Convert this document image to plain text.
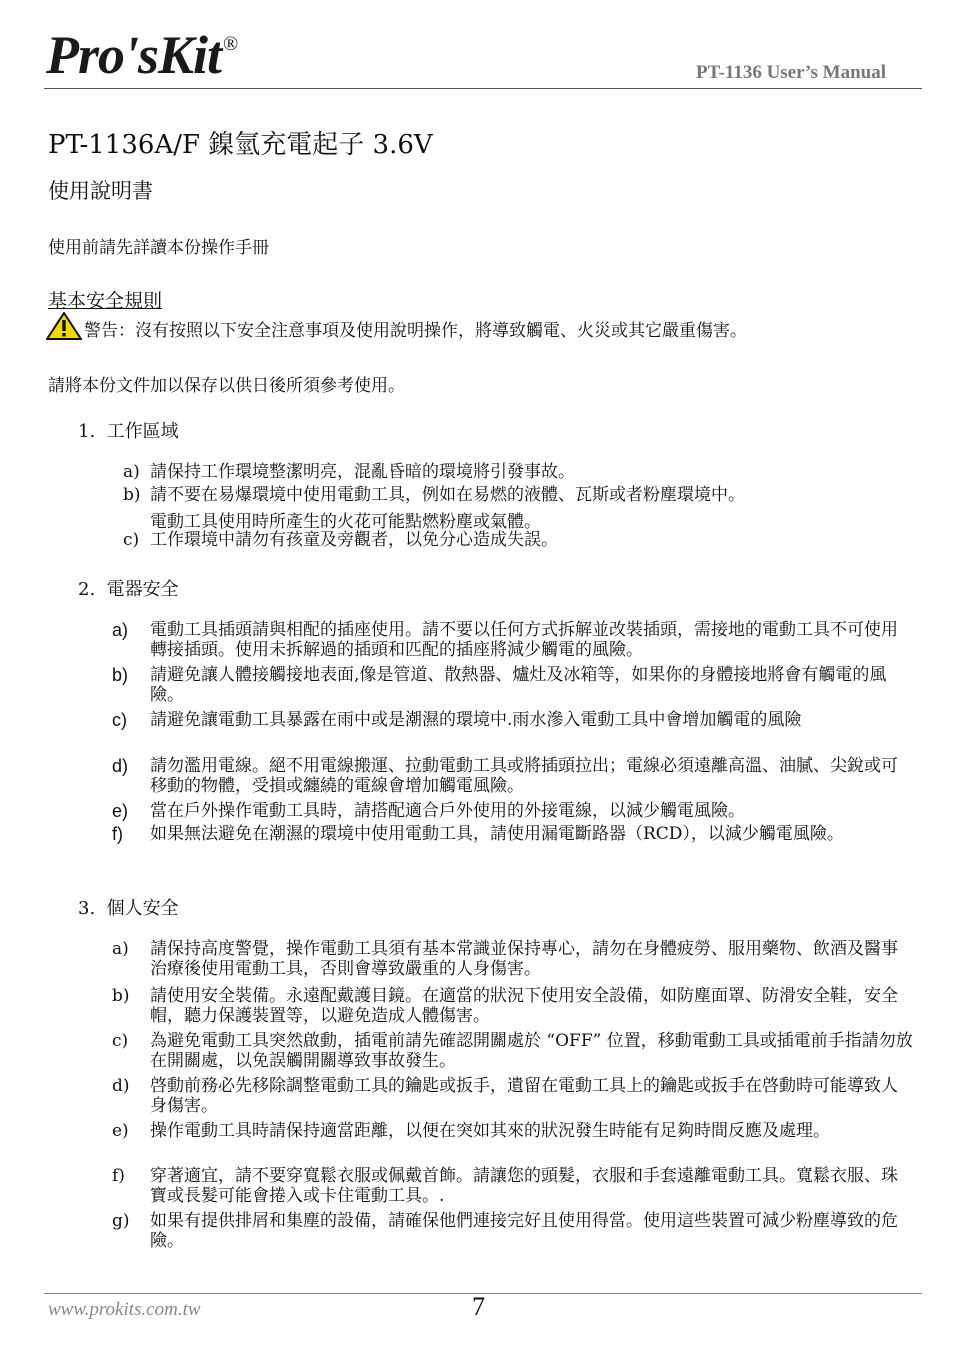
Pro'sKit ®
PT-1136 User’s Manual
PT-1136A/F 鎳氫充電起子 3.6V
使用說明書
使用前請先詳讀本份操作手冊
基本安全規則
警告：沒有按照以下安全注意事項及使用說明操作，將導致觸電、火災或其它嚴重傷害。
請將本份文件加以保存以供日後所須參考使用。
1. 工作區域
a) 請保持工作環境整潔明亮，混亂昏暗的環境將引發事故。
b) 請不要在易爆環境中使用電動工具，例如在易燃的液體、瓦斯或者粉塵環境中。
電動工具使用時所產生的火花可能點燃粉塵或氣體。
c) 工作環境中請勿有孩童及旁觀者，以免分心造成失誤。
2. 電器安全
a)	電動工具插頭請與相配的插座使用。請不要以任何方式拆解並改裝插頭，需接地的電動工具不可使用轉接插頭。使用未拆解過的插頭和匹配的插座將減少觸電的風險。
b)	請避免讓人體接觸接地表面,像是管道、散熱器、爐灶及冰箱等，如果你的身體接地將會有觸電的風險。
c)	請避免讓電動工具暴露在雨中或是潮濕的環境中.雨水滲入電動工具中會增加觸電的風險
d)	請勿濫用電線。絕不用電線搬運、拉動電動工具或將插頭拉出；電線必須遠離高溫、油膩、尖銳或可移動的物體，受損或纏繞的電線會增加觸電風險。
e)	當在戶外操作電動工具時，請搭配適合戶外使用的外接電線，以減少觸電風險。
f)	如果無法避免在潮濕的環境中使用電動工具，請使用漏電斷路器（RCD），以減少觸電風險。
3. 個人安全
a)	請保持高度警覺，操作電動工具須有基本常識並保持專心，請勿在身體疲勞、服用藥物、飲酒及醫事治療後使用電動工具，否則會導致嚴重的人身傷害。
b)	請使用安全裝備。永遠配戴護目鏡。在適當的狀況下使用安全設備，如防塵面罩、防滑安全鞋，安全帽，聽力保護裝置等，以避免造成人體傷害。
c)	為避免電動工具突然啟動，插電前請先確認開關處於 “OFF” 位置，移動電動工具或插電前手指請勿放在開關處，以免誤觸開關導致事故發生。
d)	啓動前務必先移除調整電動工具的鑰匙或扳手，遺留在電動工具上的鑰匙或扳手在啓動時可能導致人身傷害。
e)	操作電動工具時請保持適當距離，以便在突如其來的狀況發生時能有足夠時間反應及處理。
f)	穿著適宜，請不要穿寬鬆衣服或佩戴首飾。請讓您的頭髮，衣服和手套遠離電動工具。寬鬆衣服、珠寶或長髮可能會捲入或卡住電動工具。.
g)	如果有提供排屑和集塵的設備，請確保他們連接完好且使用得當。使用這些裝置可減少粉塵導致的危險。
www.prokits.com.tw	7
